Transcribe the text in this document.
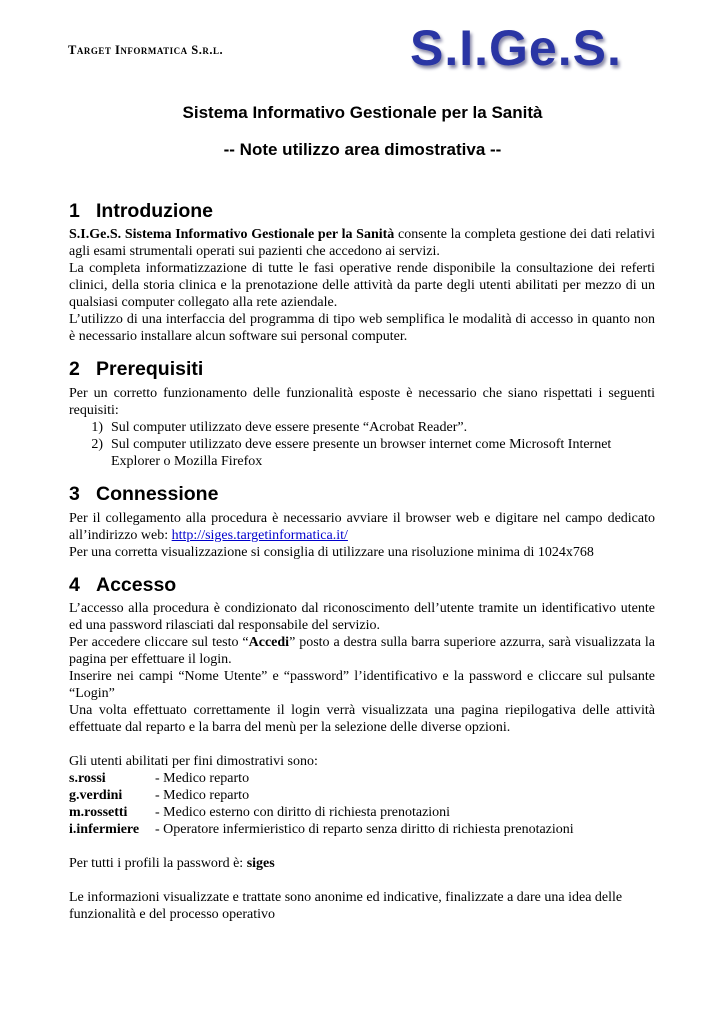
Target Informatica S.r.l.	S.I.Ge.S.
Sistema Informativo Gestionale per la Sanità
-- Note utilizzo area dimostrativa --
1 Introduzione
S.I.Ge.S. Sistema Informativo Gestionale per la Sanità consente la completa gestione dei dati relativi agli esami strumentali operati sui pazienti che accedono ai servizi.
La completa informatizzazione di tutte le fasi operative rende disponibile la consultazione dei referti clinici, della storia clinica e la prenotazione delle attività da parte degli utenti abilitati per mezzo di un qualsiasi computer collegato alla rete aziendale.
L’utilizzo di una interfaccia del programma di tipo web semplifica le modalità di accesso in quanto non è necessario installare alcun software sui personal computer.
2 Prerequisiti
Per un corretto funzionamento delle funzionalità esposte è necessario che siano rispettati i seguenti requisiti:
1) Sul computer utilizzato deve essere presente “Acrobat Reader”.
2) Sul computer utilizzato deve essere presente un browser internet come Microsoft Internet Explorer o Mozilla Firefox
3 Connessione
Per il collegamento alla procedura è necessario avviare il browser web e digitare nel campo dedicato all’indirizzo web: http://siges.targetinformatica.it/
Per una corretta visualizzazione si consiglia di utilizzare una risoluzione minima di 1024x768
4 Accesso
L’accesso alla procedura è condizionato dal riconoscimento dell’utente tramite un identificativo utente ed una password rilasciati dal responsabile del servizio.
Per accedere cliccare sul testo “Accedi” posto a destra sulla barra superiore azzurra, sarà visualizzata la pagina per effettuare il login.
Inserire nei campi “Nome Utente” e “password” l’identificativo e la password e cliccare sul pulsante “Login”
Una volta effettuato correttamente il login verrà visualizzata una pagina riepilogativa delle attività effettuate dal reparto e la barra del menù per la selezione delle diverse opzioni.
Gli utenti abilitati per fini dimostrativi sono:
s.rossi	- Medico reparto
g.verdini	- Medico reparto
m.rossetti	- Medico esterno con diritto di richiesta prenotazioni
i.infermiere	- Operatore infermieristico di reparto senza diritto di richiesta prenotazioni
Per tutti i profili la password è: siges
Le informazioni visualizzate e trattate sono anonime ed indicative, finalizzate a dare una idea delle funzionalità e del processo operativo
